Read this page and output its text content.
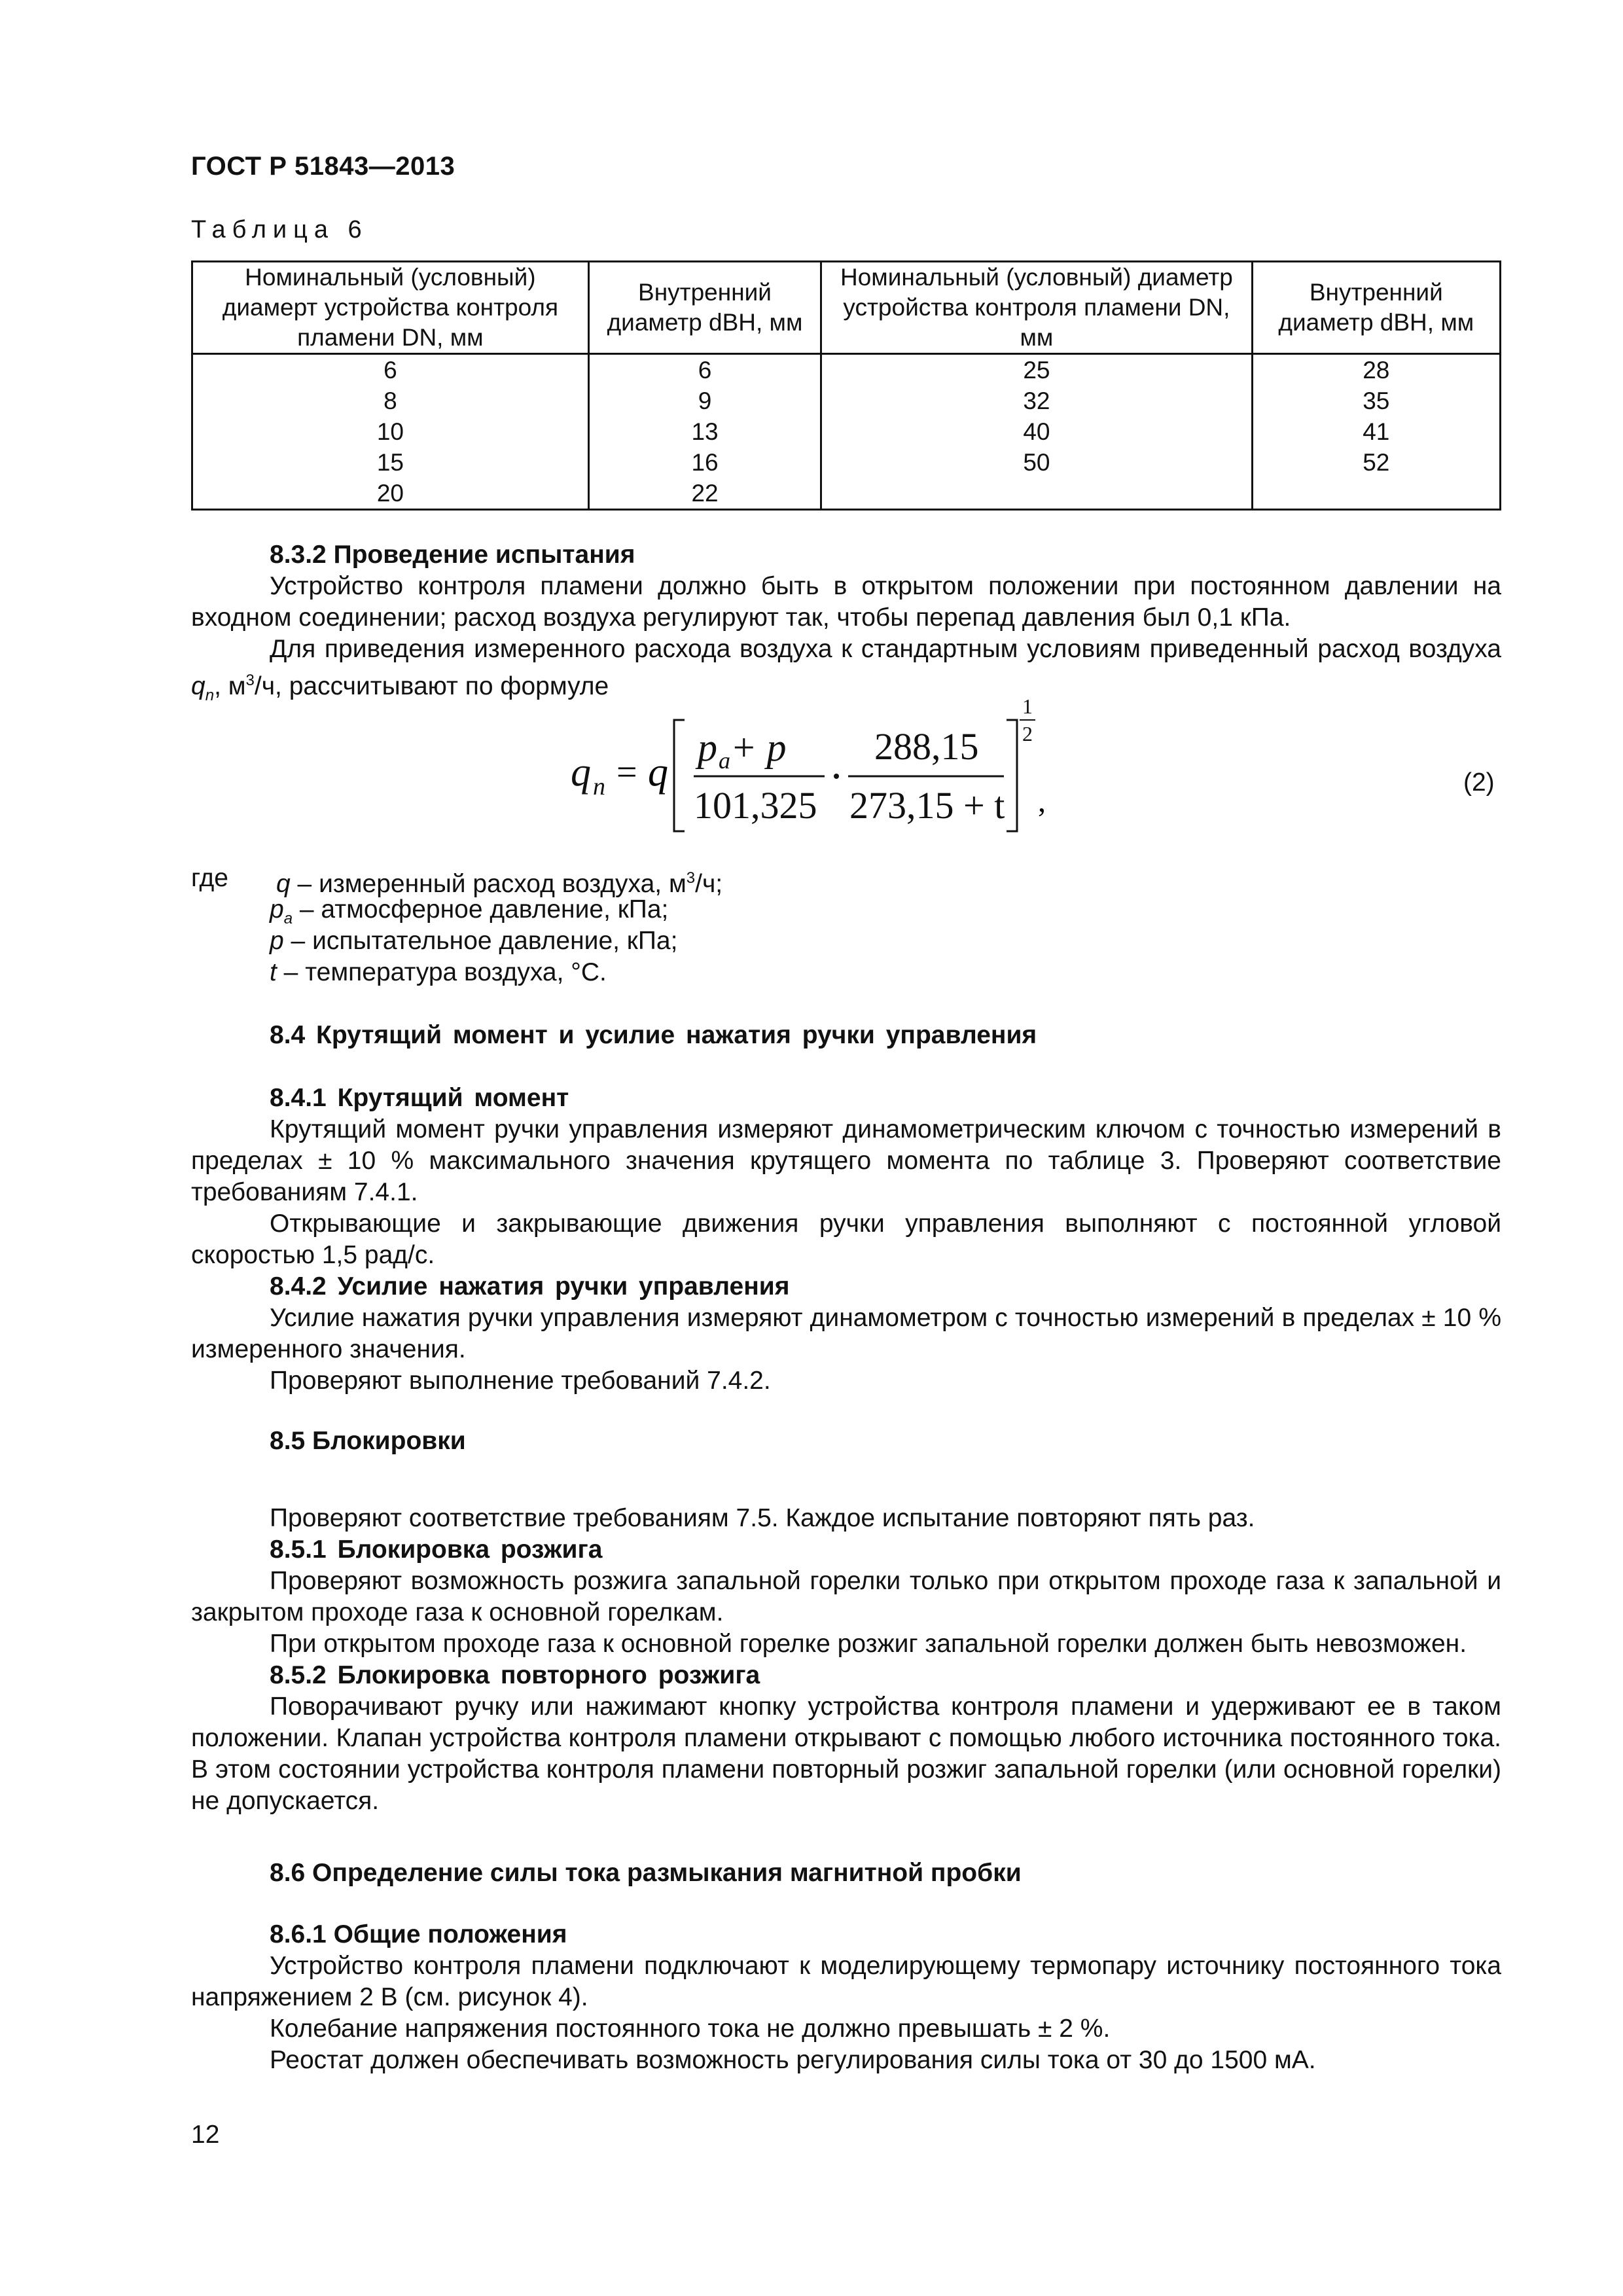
ГОСТ Р 51843—2013
Таблица 6
Номинальный (условный) диамерт устройства контроля пламени DN, мм	Внутренний диаметр dВН, мм	Номинальный (условный) диаметр устройства контроля пламени DN, мм	Внутренний диаметр dВН, мм
6	6	25	28
8	9	32	35
10	13	40	41
15	16	50	52
20	22		

8.3.2 Проведение испытания

Устройство контроля пламени должно быть в открытом положении при постоянном давлении на входном соединении; расход воздуха регулируют так, чтобы перепад давления был 0,1 кПа.

Для приведения измеренного расхода воздуха к стандартным условиям приведенный расход воздуха $q_n$, $м^3/ч$, рассчитывают по формуле

q n = q
p a + p
101,325
288,15
273,15 + t
1
2
,
(2)
где q – измеренный расход воздуха, $м^3/ч$;
$p_a$ – атмосферное давление, кПа;
p – испытательное давление, кПа;
t – температура воздуха, °С.

8.4 Крутящий момент и усилие нажатия ручки управления

8.4.1 Крутящий момент

Крутящий момент ручки управления измеряют динамометрическим ключом с точностью измерений в пределах ± 10 % максимального значения крутящего момента по таблице 3. Проверяют соответствие требованиям 7.4.1.

Открывающие и закрывающие движения ручки управления выполняют с постоянной угловой скоростью 1,5 рад/с.

8.4.2 Усилие нажатия ручки управления

Усилие нажатия ручки управления измеряют динамометром с точностью измерений в пределах ± 10 % измеренного значения.

Проверяют выполнение требований 7.4.2.

8.5 Блокировки

Проверяют соответствие требованиям 7.5. Каждое испытание повторяют пять раз.

8.5.1 Блокировка розжига

Проверяют возможность розжига запальной горелки только при открытом проходе газа к запальной и закрытом проходе газа к основной горелкам.

При открытом проходе газа к основной горелке розжиг запальной горелки должен быть невозможен.

8.5.2 Блокировка повторного розжига

Поворачивают ручку или нажимают кнопку устройства контроля пламени и удерживают ее в таком положении. Клапан устройства контроля пламени открывают с помощью любого источника постоянного тока. В этом состоянии устройства контроля пламени повторный розжиг запальной горелки (или основной горелки) не допускается.

8.6 Определение силы тока размыкания магнитной пробки

8.6.1 Общие положения

Устройство контроля пламени подключают к моделирующему термопару источнику постоянного тока напряжением 2 В (см. рисунок 4).

Колебание напряжения постоянного тока не должно превышать ± 2 %.

Реостат должен обеспечивать возможность регулирования силы тока от 30 до 1500 мА.

12
